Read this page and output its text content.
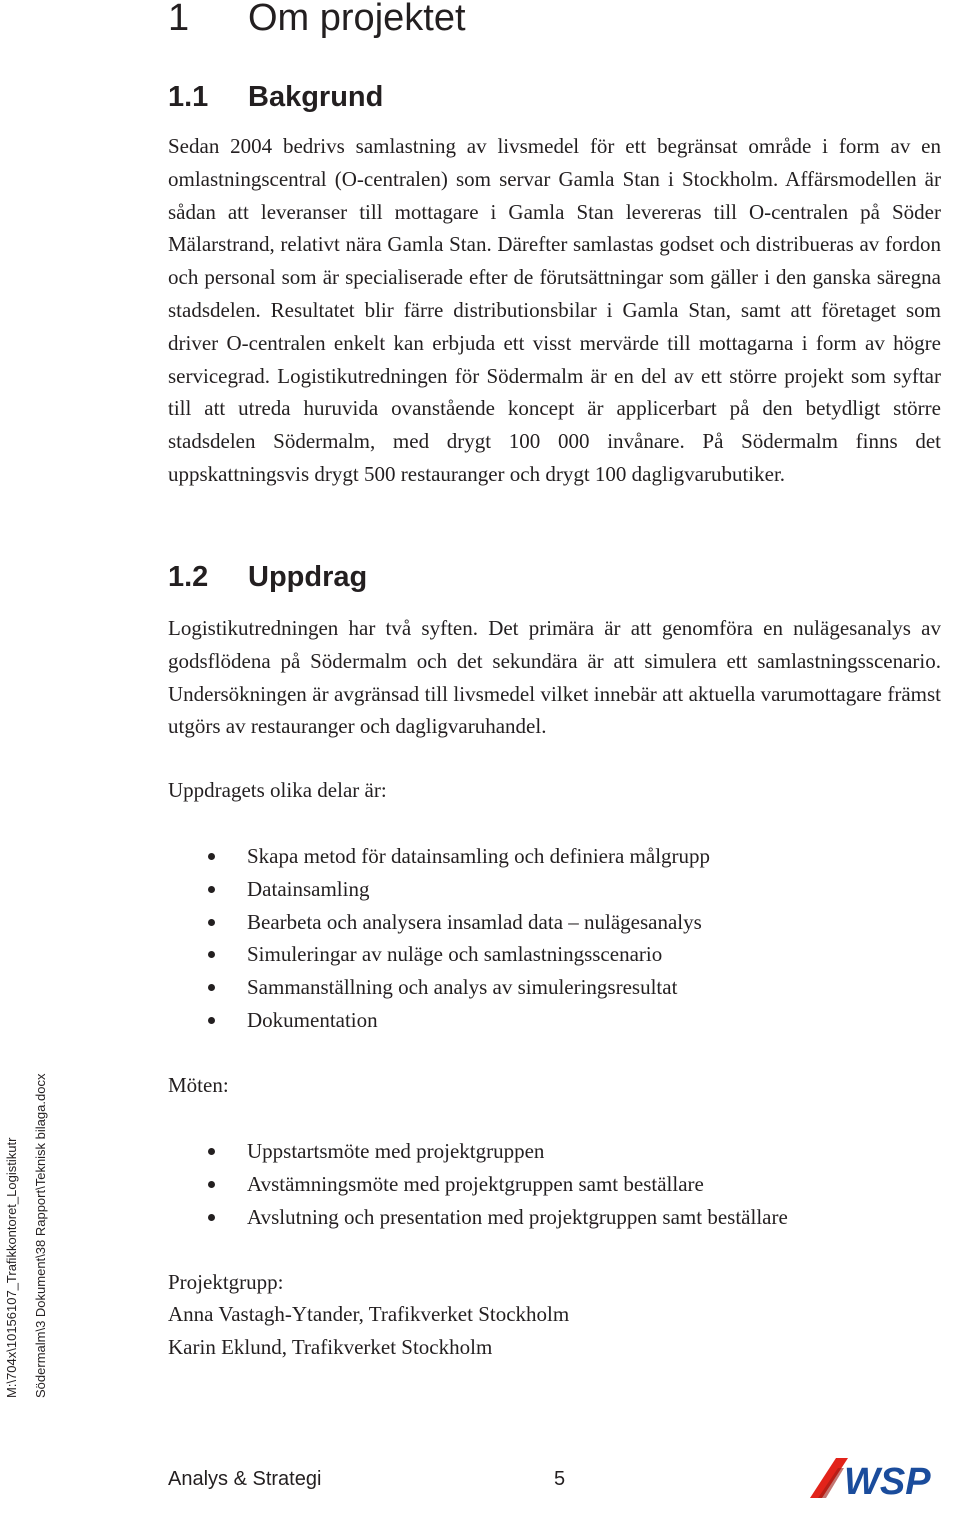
1 Om projektet
1.1 Bakgrund

Sedan 2004 bedrivs samlastning av livsmedel för ett begränsat område i form av en omlastningscentral (O-centralen) som servar Gamla Stan i Stockholm. Affärsmodellen är sådan att leveranser till mottagare i Gamla Stan levereras till O-​centralen på Söder Mälarstrand, relativt nära Gamla Stan. Därefter samlastas godset och distribueras av fordon och personal som är specialiserade efter de förutsättningar som gäller i den ganska säregna stadsdelen. Resultatet blir färre distributionsbilar i Gamla Stan, samt att företaget som driver O-centralen enkelt kan erbjuda ett visst mervärde till mottagarna i form av högre servicegrad. Logistikutredningen för Södermalm är en del av ett större projekt som syftar till att utreda huruvida ovanstående koncept är applicerbart på den betydligt större stadsdelen Södermalm, med drygt 100 000 invånare. På Södermalm finns det uppskattningsvis drygt 500 restauranger och drygt 100 dagligvarubutiker.

1.2 Uppdrag

Logistikutredningen har två syften. Det primära är att genomföra en nulägesanalys av godsflödena på Södermalm och det sekundära är att simulera ett samlastningsscenario. Undersökningen är avgränsad till livsmedel vilket innebär att aktuella varumottagare främst utgörs av restauranger och dagligvaruhandel.

Uppdragets olika delar är:

Skapa metod för datainsamling och definiera målgrupp
Datainsamling
Bearbeta och analysera insamlad data – nulägesanalys
Simuleringar av nuläge och samlastningsscenario
Sammanställning och analys av simuleringsresultat
Dokumentation

Möten:

Uppstartsmöte med projektgruppen
Avstämningsmöte med projektgruppen samt beställare
Avslutning och presentation med projektgruppen samt beställare

Projektgrupp:

Anna Vastagh-Ytander, Trafikverket Stockholm

Karin Eklund, Trafikverket Stockholm

M:\704x\10156107_Trafikkontoret_Logistikutr Södermalm\3 Dokument\38 Rapport\Teknisk bilaga.docx

Analys & Strategi	5	WSP
